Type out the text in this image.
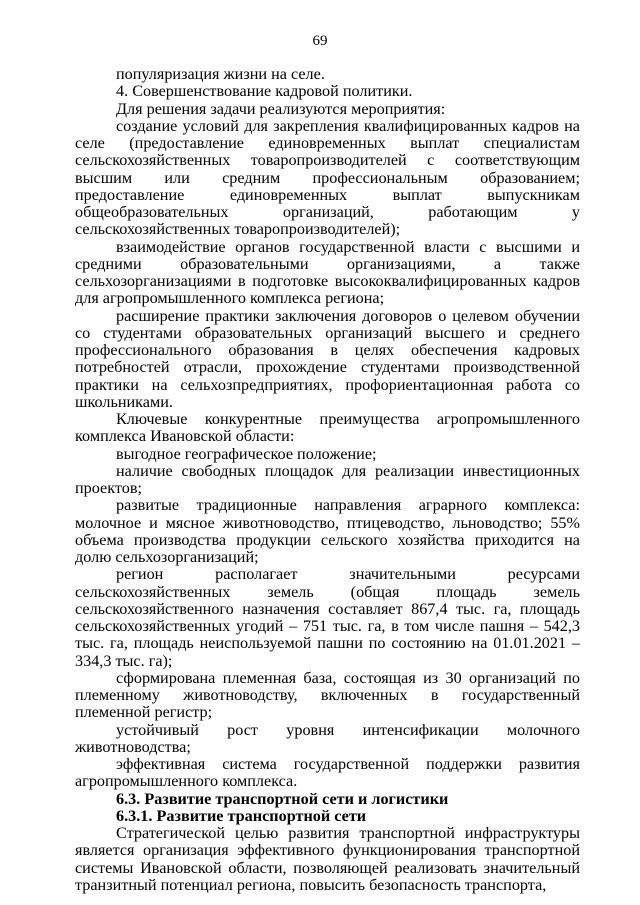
69

популяризация жизни на селе.

4. Совершенствование кадровой политики.

Для решения задачи реализуются мероприятия:

создание условий для закрепления квалифицированных кадров на селе (предоставление единовременных выплат специалистам сельскохозяйственных товаропроизводителей с соответствующим высшим или средним профессиональным образованием; предоставление единовременных выплат выпускникам общеобразовательных организаций, работающим у сельскохозяйственных товаропроизводителей);

взаимодействие органов государственной власти с высшими и средними образовательными организациями, а также сельхозорганизациями в подготовке высококвалифицированных кадров для агропромышленного комплекса региона;

расширение практики заключения договоров о целевом обучении со студентами образовательных организаций высшего и среднего профессионального образования в целях обеспечения кадровых потребностей отрасли, прохождение студентами производственной практики на сельхозпредприятиях, профориентационная работа со школьниками.

Ключевые конкурентные преимущества агропромышленного комплекса Ивановской области:

выгодное географическое положение;

наличие свободных площадок для реализации инвестиционных проектов;

развитые традиционные направления аграрного комплекса: молочное и мясное животноводство, птицеводство, льноводство; 55% объема производства продукции сельского хозяйства приходится на долю сельхозорганизаций;

регион располагает значительными ресурсами сельскохозяйственных земель (общая площадь земель сельскохозяйственного назначения составляет 867,4 тыс. га, площадь сельскохозяйственных угодий – 751 тыс. га, в том числе пашня – 542,3 тыс. га, площадь неиспользуемой пашни по состоянию на 01.01.2021 – 334,3 тыс. га);

сформирована племенная база, состоящая из 30 организаций по племенному животноводству, включенных в государственный племенной регистр;

устойчивый рост уровня интенсификации молочного животноводства;

эффективная система государственной поддержки развития агропромышленного комплекса.

6.3. Развитие транспортной сети и логистики

6.3.1. Развитие транспортной сети

Стратегической целью развития транспортной инфраструктуры является организация эффективного функционирования транспортной системы Ивановской области, позволяющей реализовать значительный транзитный потенциал региона, повысить безопасность транспорта,
